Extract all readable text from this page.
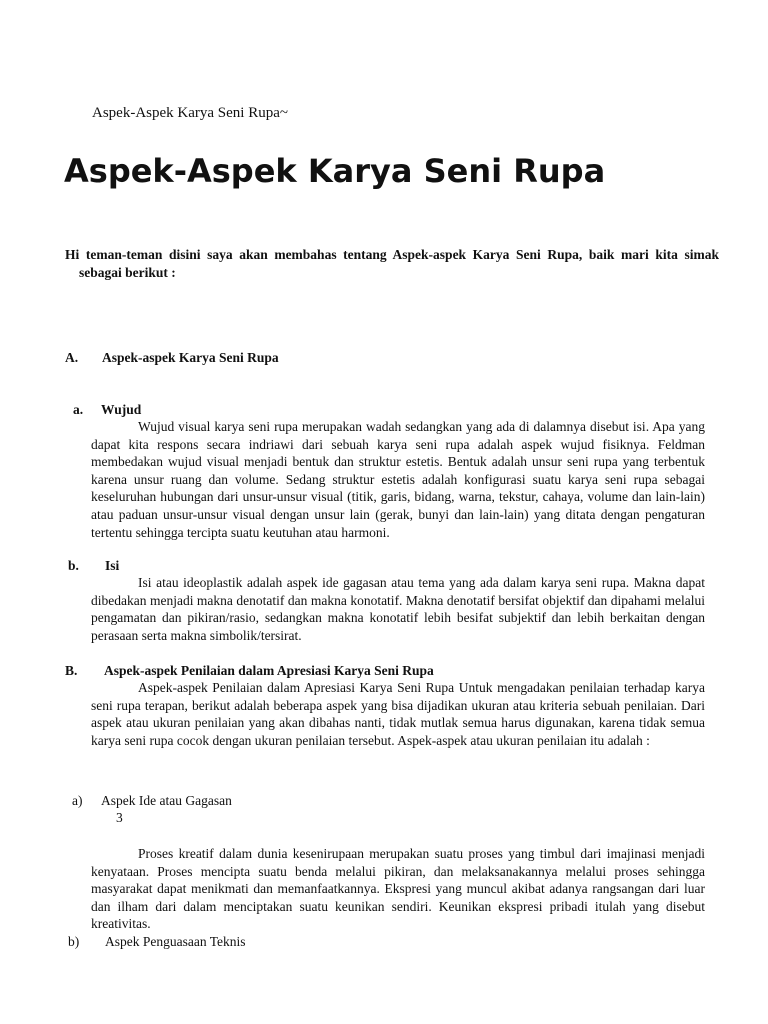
Aspek-Aspek Karya Seni Rupa~
Aspek-Aspek Karya Seni Rupa
Hi teman-teman disini saya akan membahas tentang Aspek-aspek Karya Seni Rupa, baik mari kita simak sebagai berikut :
A. Aspek-aspek Karya Seni Rupa
a. Wujud
Wujud visual karya seni rupa merupakan wadah sedangkan yang ada di dalamnya disebut isi. Apa yang dapat kita respons secara indriawi dari sebuah karya seni rupa adalah aspek wujud fisiknya. Feldman membedakan wujud visual menjadi bentuk dan struktur estetis. Bentuk adalah unsur seni rupa yang terbentuk karena unsur ruang dan volume. Sedang struktur estetis adalah konfigurasi suatu karya seni rupa sebagai keseluruhan hubungan dari unsur-unsur visual (titik, garis, bidang, warna, tekstur, cahaya, volume dan lain-lain) atau paduan unsur-unsur visual dengan unsur lain (gerak, bunyi dan lain-lain) yang ditata dengan pengaturan tertentu sehingga tercipta suatu keutuhan atau harmoni.
b. Isi
Isi atau ideoplastik adalah aspek ide gagasan atau tema yang ada dalam karya seni rupa. Makna dapat dibedakan menjadi makna denotatif dan makna konotatif. Makna denotatif bersifat objektif dan dipahami melalui pengamatan dan pikiran/rasio, sedangkan makna konotatif lebih besifat subjektif dan lebih berkaitan dengan perasaan serta makna simbolik/tersirat.
B. Aspek-aspek Penilaian dalam Apresiasi Karya Seni Rupa
Aspek-aspek Penilaian dalam Apresiasi Karya Seni Rupa Untuk mengadakan penilaian terhadap karya seni rupa terapan, berikut adalah beberapa aspek yang bisa dijadikan ukuran atau kriteria sebuah penilaian. Dari aspek atau ukuran penilaian yang akan dibahas nanti, tidak mutlak semua harus digunakan, karena tidak semua karya seni rupa cocok dengan ukuran penilaian tersebut. Aspek-aspek atau ukuran penilaian itu adalah :
a) Aspek Ide atau Gagasan
3
Proses kreatif dalam dunia kesenirupaan merupakan suatu proses yang timbul dari imajinasi menjadi kenyataan. Proses mencipta suatu benda melalui pikiran, dan melaksanakannya melalui proses sehingga masyarakat dapat menikmati dan memanfaatkannya. Ekspresi yang muncul akibat adanya rangsangan dari luar dan ilham dari dalam menciptakan suatu keunikan sendiri. Keunikan ekspresi pribadi itulah yang disebut kreativitas.
b) Aspek Penguasaan Teknis
